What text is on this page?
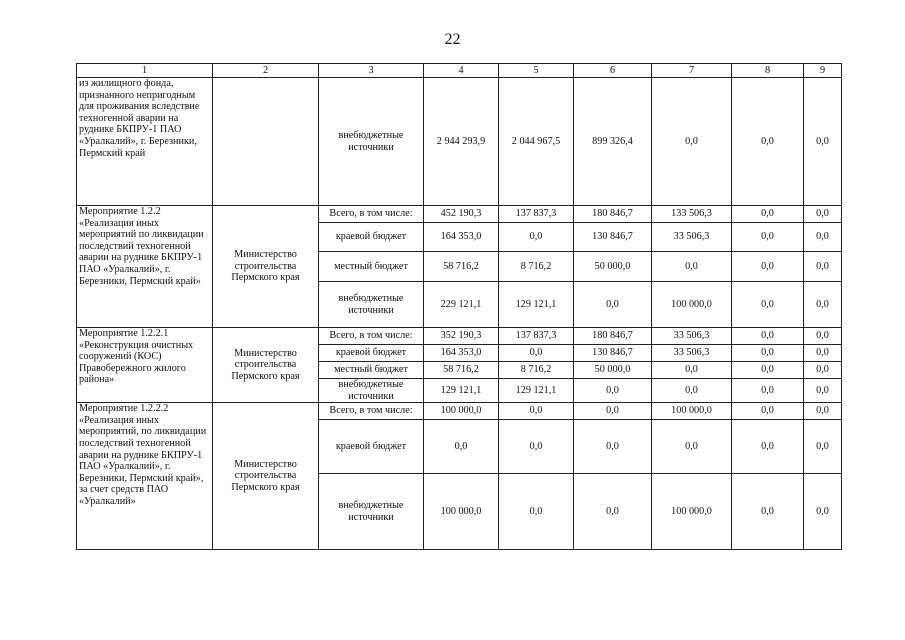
22
1	2	3	4	5	6	7	8	9
из жилищного фонда, признанного непригодным для проживания вследствие техногенной аварии на руднике БКПРУ-1 ПАО «Уралкалий», г. Березники, Пермский край		внебюджетные источники	2 944 293,9	2 044 967,5	899 326,4	0,0	0,0	0,0
Мероприятие 1.2.2 «Реализация иных мероприятий по ликвидации последствий техногенной аварии на руднике БКПРУ-1 ПАО «Уралкалий», г. Березники, Пермский край»	Министерство строительства Пермского края	Всего, в том числе:	452 190,3	137 837,3	180 846,7	133 506,3	0,0	0,0
		краевой бюджет	164 353,0	0,0	130 846,7	33 506,3	0,0	0,0
		местный бюджет	58 716,2	8 716,2	50 000,0	0,0	0,0	0,0
		внебюджетные источники	229 121,1	129 121,1	0,0	100 000,0	0,0	0,0
Мероприятие 1.2.2.1 «Реконструкция очистных сооружений (КОС) Правобережного жилого района»	Министерство строительства Пермского края	Всего, в том числе:	352 190,3	137 837,3	180 846,7	33 506,3	0,0	0,0
		краевой бюджет	164 353,0	0,0	130 846,7	33 506,3	0,0	0,0
		местный бюджет	58 716,2	8 716,2	50 000,0	0,0	0,0	0,0
		внебюджетные источники	129 121,1	129 121,1	0,0	0,0	0,0	0,0
Мероприятие 1.2.2.2 «Реализация иных мероприятий, по ликвидации последствий техногенной аварии на руднике БКПРУ-1 ПАО «Уралкалий», г. Березники, Пермский край», за счет средств ПАО «Уралкалий»	Министерство строительства Пермского края	Всего, в том числе:	100 000,0	0,0	0,0	100 000,0	0,0	0,0
		краевой бюджет	0,0	0,0	0,0	0,0	0,0	0,0
		внебюджетные источники	100 000,0	0,0	0,0	100 000,0	0,0	0,0
